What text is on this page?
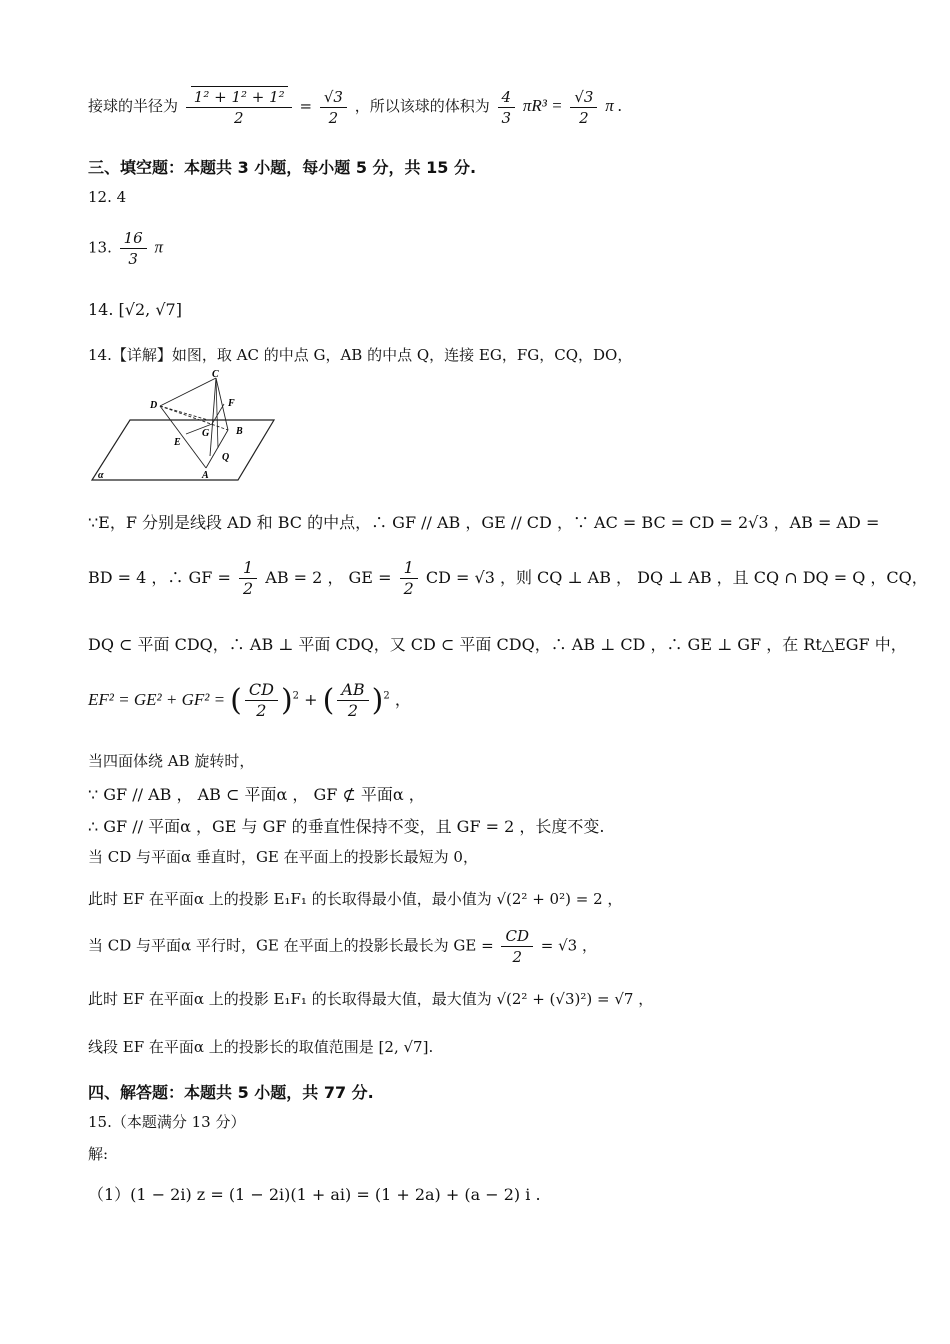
接球的半径为 $\frac{\text{1² + 1² + 1²}}{2} = \frac{√3}{2}$ ，所以该球的体积为 $\frac{4}{3} \pi R^3 = \frac{√3}{2}$ π .
三、填空题：本题共 3 小题，每小题 5 分，共 15 分.
12. 4
13. $\frac{16}{3}$ π
14. [√2, √7]
14.【详解】如图，取 AC 的中点 G，AB 的中点 Q，连接 EG，FG，CQ，DO，
C
D	F
E
G	B
Q
A
α
∵E，F 分别是线段 AD 和 BC 的中点，∴ GF // AB ，GE // CD ，∵ AC = BC = CD = 2√3 ，AB = AD =
BD = 4 ，∴ GF = $\frac{1}{2}$ AB = 2 ， GE = $\frac{1}{2}$ CD = √3 ，则 CQ ⊥ AB ， DQ ⊥ AB ，且 CQ ∩ DQ = Q ，CQ，
DQ ⊂ 平面 CDQ，∴ AB ⊥ 平面 CDQ，又 CD ⊂ 平面 CDQ，∴ AB ⊥ CD ，∴ GE ⊥ GF ，在 Rt△EGF 中，
EF² = GE² + GF² = ( $\frac{CD}{2} )^2$ + ( $\frac{AB}{2} )^2$ ，
当四面体绕 AB 旋转时，
∵ GF // AB ， AB ⊂ 平面α ， GF ⊄ 平面α ，
∴ GF // 平面α ，GE 与 GF 的垂直性保持不变，且 GF = 2 ，长度不变.
当 CD 与平面α 垂直时，GE 在平面上的投影长最短为 0，
此时 EF 在平面α 上的投影 E₁F₁ 的长取得最小值，最小值为 √(2² + 0²) = 2 ，
当 CD 与平面α 平行时，GE 在平面上的投影长最长为 GE = $\frac{CD}{2} = √3$ ，
此时 EF 在平面α 上的投影 E₁F₁ 的长取得最大值，最大值为 √(2² + (√3)²) = √7 ，
线段 EF 在平面α 上的投影长的取值范围是 [2, √7].
四、解答题：本题共 5 小题，共 77 分.
15.（本题满分 13 分）
解:
（1）(1 − 2i) z = (1 − 2i)(1 + ai) = (1 + 2a) + (a − 2) i .
